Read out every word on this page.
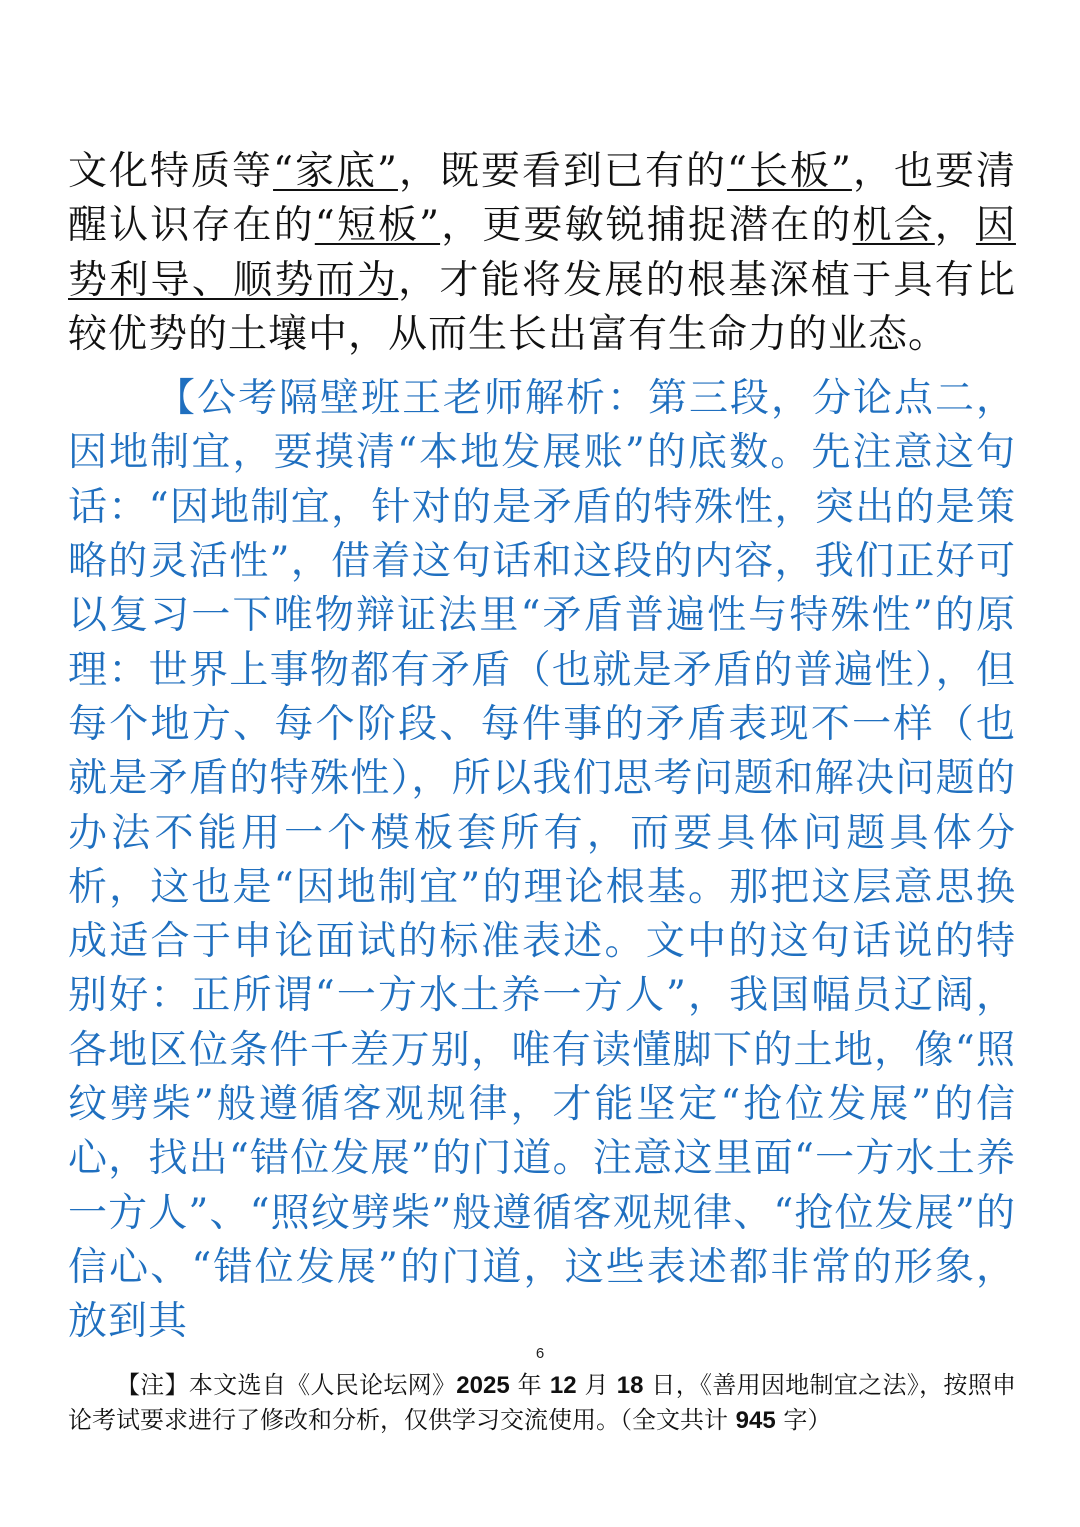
文化特质等“家底”，既要看到已有的“长板”，也要清醒认识存在的“短板”，更要敏锐捕捉潜在的机会，因势利导、顺势而为，才能将发展的根基深植于具有比较优势的土壤中，从而生长出富有生命力的业态。

【公考隔壁班王老师解析：第三段，分论点二，因地制宜，要摸清“本地发展账”的底数。先注意这句话：“因地制宜，针对的是矛盾的特殊性，突出的是策略的灵活性”，借着这句话和这段的内容，我们正好可以复习一下唯物辩证法里“矛盾普遍性与特殊性”的原理：世界上事物都有矛盾（也就是矛盾的普遍性），但每个地方、每个阶段、每件事的矛盾表现不一样（也就是矛盾的特殊性），所以我们思考问题和解决问题的办法不能用一个模板套所有，而要具体问题具体分析，这也是“因地制宜”的理论根基。那把这层意思换成适合于申论面试的标准表述。文中的这句话说的特别好：正所谓“一方水土养一方人”，我国幅员辽阔，各地区位条件千差万别，唯有读懂脚下的土地，像“照纹劈柴”般遵循客观规律，才能坚定“抢位发展”的信心，找出“错位发展”的门道。注意这里面“一方水土养一方人”、“照纹劈柴”般遵循客观规律、“抢位发展”的信心、“错位发展”的门道，这些表述都非常的形象，放到其

6

【注】本文选自《人民论坛网》2025 年 12 月 18 日，《善用因地制宜之法》，按照申论考试要求进行了修改和分析，仅供学习交流使用。（全文共计 945 字）
